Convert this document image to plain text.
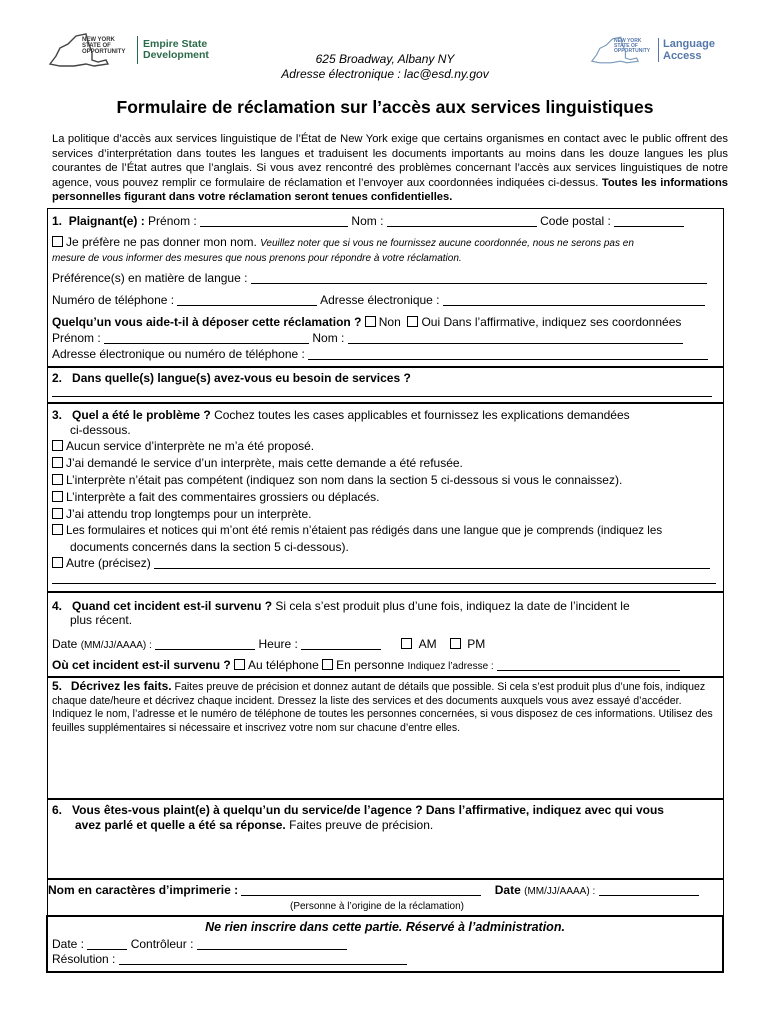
NEW YORK STATE OF OPPORTUNITY
Empire State
Development
NEW YORK STATE OF OPPORTUNITY
Language
Access
625 Broadway, Albany NY
Adresse électronique : lac@esd.ny.gov
Formulaire de réclamation sur l’accès aux services linguistiques
La politique d’accès aux services linguistique de l’État de New York exige que certains organismes en contact avec le public offrent des services d’interprétation dans toutes les langues et traduisent les documents importants au moins dans les douze langues les plus courantes de l’État autres que l’anglais. Si vous avez rencontré des problèmes concernant l’accès aux services linguistiques de notre agence, vous pouvez remplir ce formulaire de réclamation et l’envoyer aux coordonnées indiquées ci-dessus. Toutes les informations personnelles figurant dans votre réclamation seront tenues confidentielles.
1. Plaignant(e) : Prénom :	Nom :	Code postal :
Je préfère ne pas donner mon nom. Veuillez noter que si vous ne fournissez aucune coordonnée, nous ne serons pas en
mesure de vous informer des mesures que nous prenons pour répondre à votre réclamation.
Préférence(s) en matière de langue :
Numéro de téléphone :	Adresse électronique :
Quelqu’un vous aide-t-il à déposer cette réclamation ? Non Oui Dans l’affirmative, indiquez ses coordonnées
Prénom :	Nom :
Adresse électronique ou numéro de téléphone :
2. Dans quelle(s) langue(s) avez-vous eu besoin de services ?
3. Quel a été le problème ? Cochez toutes les cases applicables et fournissez les explications demandées
ci-dessous.
Aucun service d’interprète ne m’a été proposé.
J’ai demandé le service d’un interprète, mais cette demande a été refusée.
L’interprète n’était pas compétent (indiquez son nom dans la section 5 ci-dessous si vous le connaissez).
L’interprète a fait des commentaires grossiers ou déplacés.
J’ai attendu trop longtemps pour un interprète.
Les formulaires et notices qui m’ont été remis n’étaient pas rédigés dans une langue que je comprends (indiquez les
documents concernés dans la section 5 ci-dessous).
Autre (précisez)
4. Quand cet incident est-il survenu ? Si cela s’est produit plus d’une fois, indiquez la date de l’incident le
plus récent.
Date (MM/JJ/AAAA) :	Heure :	AM	PM
Où cet incident est-il survenu ? Au téléphone En personne Indiquez l’adresse :
5. Décrivez les faits. Faites preuve de précision et donnez autant de détails que possible. Si cela s’est produit plus d’une fois, indiquez chaque date/heure et décrivez chaque incident. Dressez la liste des services et des documents auxquels vous avez essayé d’accéder. Indiquez le nom, l’adresse et le numéro de téléphone de toutes les personnes concernées, si vous disposez de ces informations. Utilisez des feuilles supplémentaires si nécessaire et inscrivez votre nom sur chacune d’entre elles.
6. Vous êtes-vous plaint(e) à quelqu’un du service/de l’agence ? Dans l’affirmative, indiquez avec qui vous
avez parlé et quelle a été sa réponse. Faites preuve de précision.
Nom en caractères d’imprimerie :	Date (MM/JJ/AAAA) :
(Personne à l’origine de la réclamation)
Ne rien inscrire dans cette partie. Réservé à l’administration.
Date :	Contrôleur :
Résolution :
